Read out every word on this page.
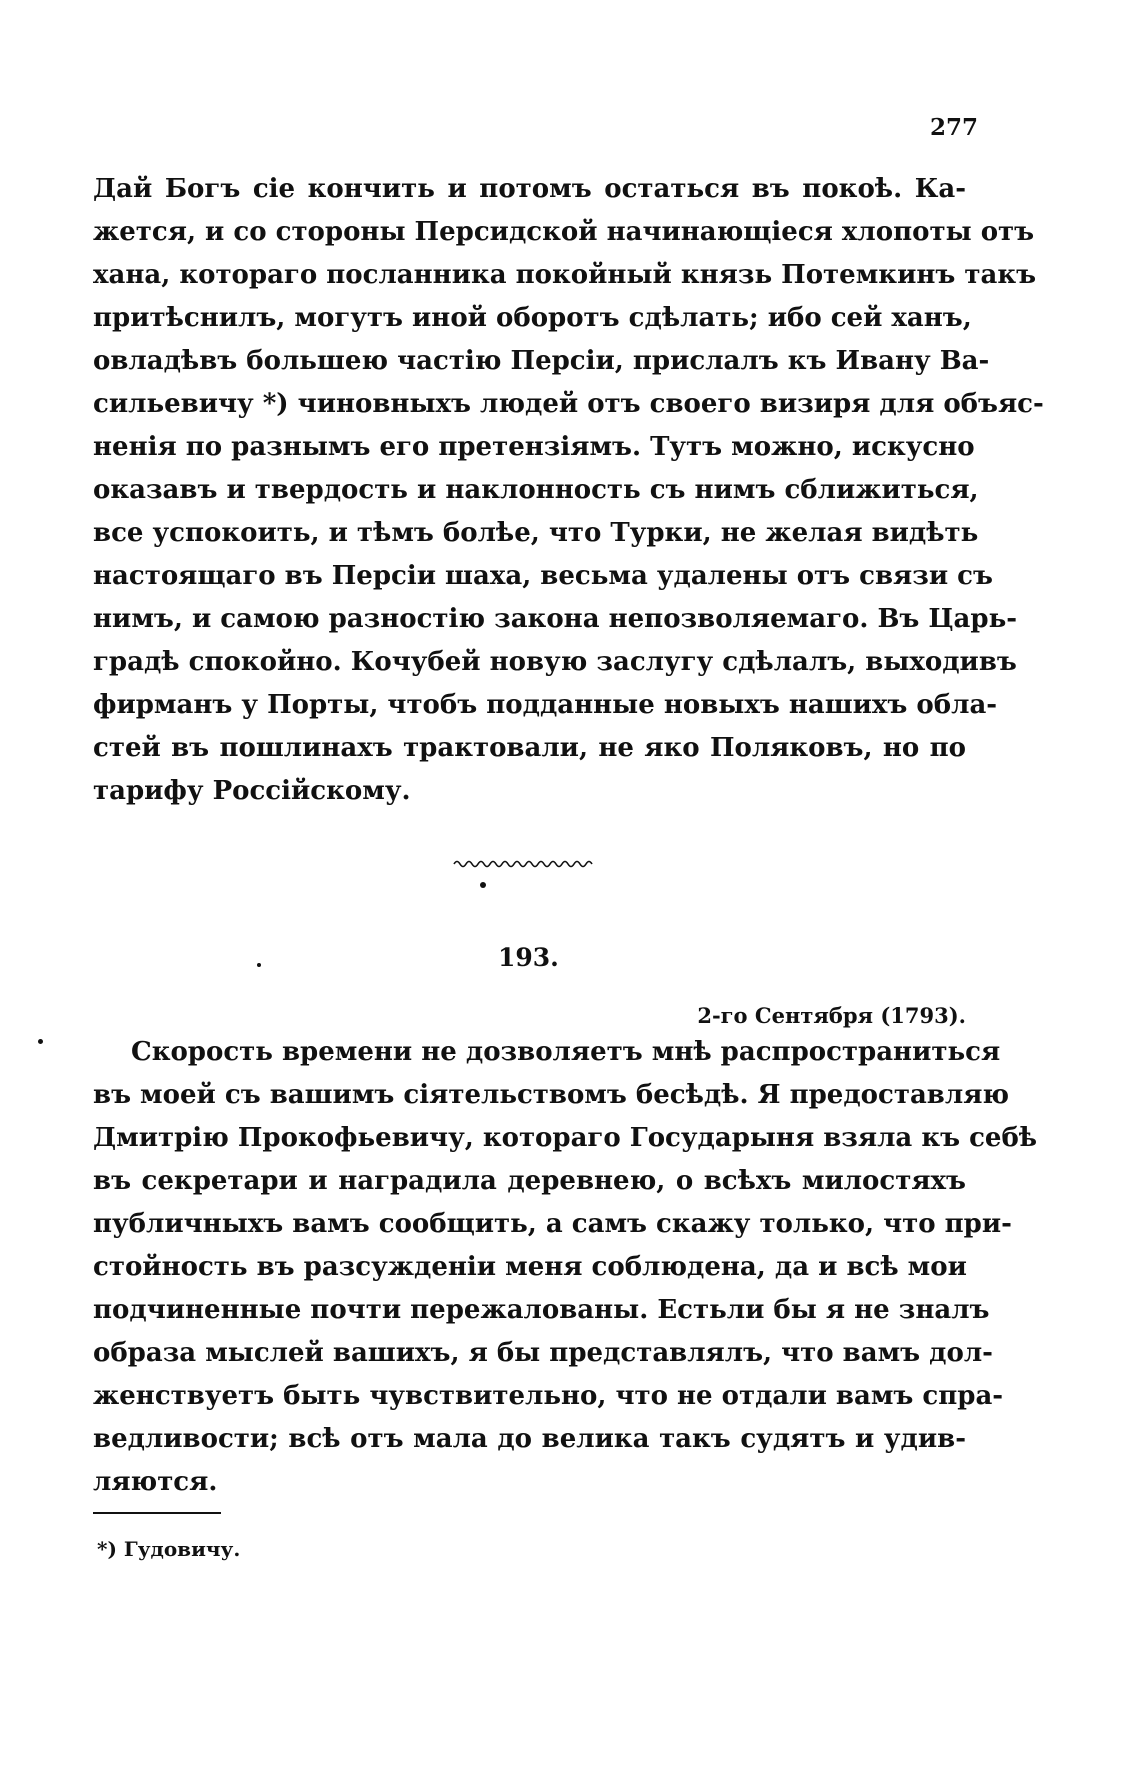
277
Дай Богъ сіе кончить и потомъ остаться въ покоѣ. Ка-
жется, и со стороны Персидской начинающіеся хлопоты отъ
хана, котораго посланника покойный князь Потемкинъ такъ
притѣснилъ, могутъ иной оборотъ сдѣлать; ибо сей ханъ,
овладѣвъ большею частію Персіи, прислалъ къ Ивану Ва-
сильевичу *) чиновныхъ людей отъ своего визиря для объяс-
ненія по разнымъ его претензіямъ. Тутъ можно, искусно
оказавъ и твердость и наклонность съ нимъ сближиться,
все успокоить, и тѣмъ болѣе, что Турки, не желая видѣть
настоящаго въ Персіи шаха, весьма удалены отъ связи съ
нимъ, и самою разностію закона непозволяемаго. Въ Царь-
градѣ спокойно. Кочубей новую заслугу сдѣлалъ, выходивъ
фирманъ у Порты, чтобъ подданные новыхъ нашихъ обла-
стей въ пошлинахъ трактовали, не яко Поляковъ, но по
тарифу Россійскому.
193.
2-го Сентября (1793).
Скорость времени не дозволяетъ мнѣ распространиться
въ моей съ вашимъ сіятельствомъ бесѣдѣ. Я предоставляю
Дмитрію Прокофьевичу, котораго Государыня взяла къ себѣ
въ секретари и наградила деревнею, о всѣхъ милостяхъ
публичныхъ вамъ сообщить, а самъ скажу только, что при-
стойность въ разсужденіи меня соблюдена, да и всѣ мои
подчиненные почти пережалованы. Естьли бы я не зналъ
образа мыслей вашихъ, я бы представлялъ, что вамъ дол-
женствуетъ быть чувствительно, что не отдали вамъ спра-
ведливости; всѣ отъ мала до велика такъ судятъ и удив-
ляются.
*) Гудовичу.
